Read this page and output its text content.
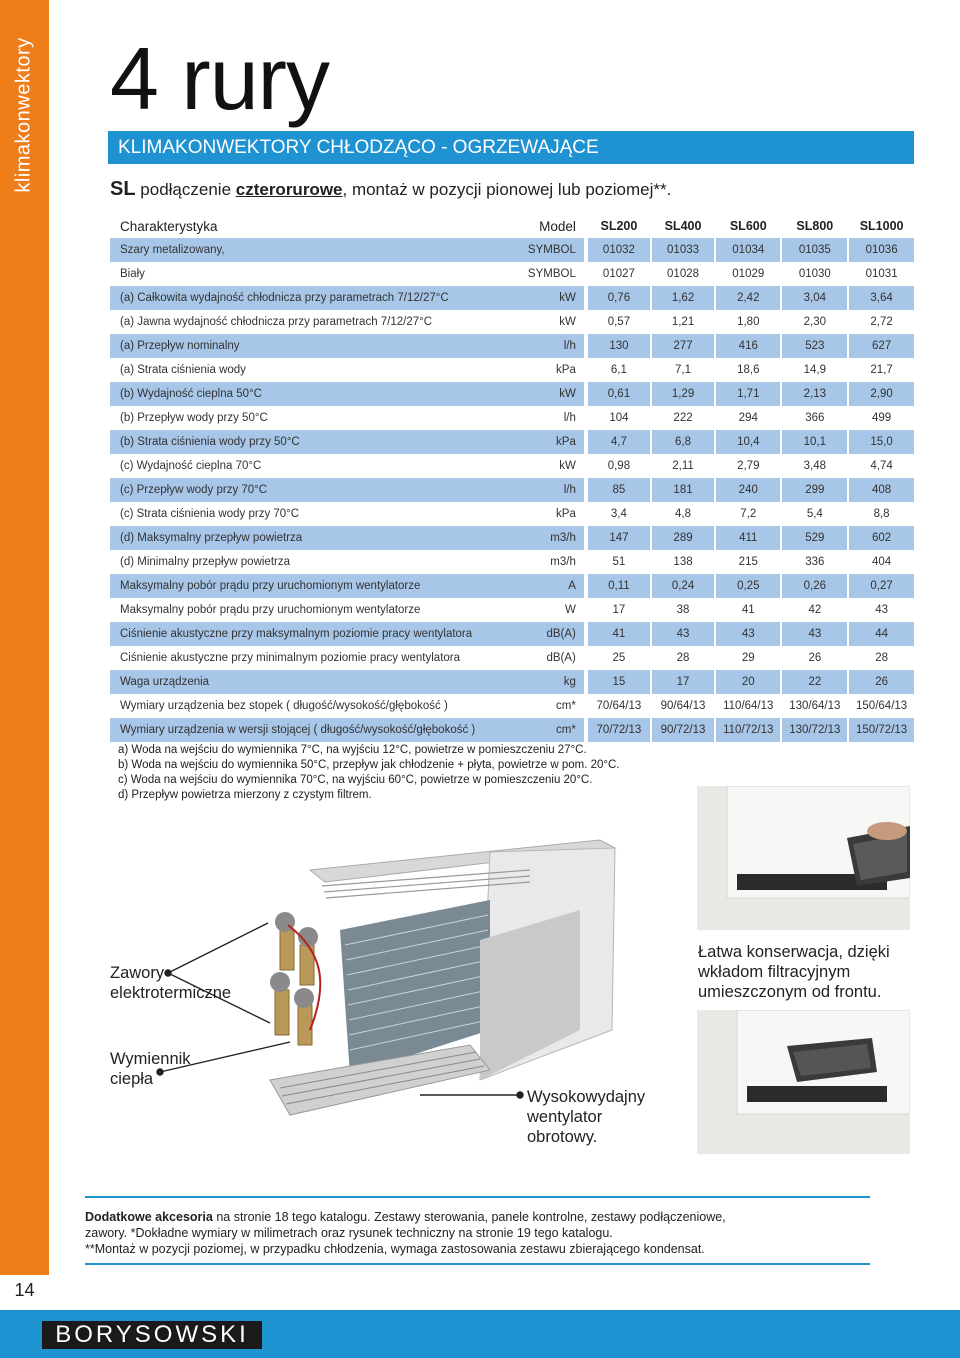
klimakonwektory
14
4 rury
KLIMAKONWEKTORY CHŁODZĄCO - OGRZEWAJĄCE
SL podłączenie czterorurowe, montaż w pozycji pionowej lub poziomej**.
Charakterystyka	Model	SL200	SL400	SL600	SL800	SL1000
Szary metalizowany,	SYMBOL	01032	01033	01034	01035	01036
Biały	SYMBOL	01027	01028	01029	01030	01031
(a) Całkowita wydajność chłodnicza przy parametrach 7/12/27°C	kW	0,76	1,62	2,42	3,04	3,64
(a) Jawna wydajność chłodnicza przy parametrach 7/12/27°C	kW	0,57	1,21	1,80	2,30	2,72
(a) Przepływ nominalny	l/h	130	277	416	523	627
(a) Strata ciśnienia wody	kPa	6,1	7,1	18,6	14,9	21,7
(b) Wydajność cieplna 50°C	kW	0,61	1,29	1,71	2,13	2,90
(b) Przepływ wody przy 50°C	l/h	104	222	294	366	499
(b) Strata ciśnienia wody przy 50°C	kPa	4,7	6,8	10,4	10,1	15,0
(c) Wydajność cieplna 70°C	kW	0,98	2,11	2,79	3,48	4,74
(c) Przepływ wody przy 70°C	l/h	85	181	240	299	408
(c) Strata ciśnienia wody przy 70°C	kPa	3,4	4,8	7,2	5,4	8,8
(d) Maksymalny przepływ powietrza	m3/h	147	289	411	529	602
(d) Minimalny przepływ powietrza	m3/h	51	138	215	336	404
Maksymalny pobór prądu przy uruchomionym wentylatorze	A	0,11	0,24	0,25	0,26	0,27
Maksymalny pobór prądu przy uruchomionym wentylatorze	W	17	38	41	42	43
Ciśnienie akustyczne przy maksymalnym poziomie pracy wentylatora	dB(A)	41	43	43	43	44
Ciśnienie akustyczne przy minimalnym poziomie pracy wentylatora	dB(A)	25	28	29	26	28
Waga urządzenia	kg	15	17	20	22	26
Wymiary urządzenia bez stopek ( długość/wysokość/głębokość )	cm*	70/64/13	90/64/13	110/64/13	130/64/13	150/64/13
Wymiary urządzenia w wersji stojącej ( długość/wysokość/głębokość )	cm*	70/72/13	90/72/13	110/72/13	130/72/13	150/72/13
a) Woda na wejściu do wymiennika 7°C, na wyjściu 12°C, powietrze w pomieszczeniu 27°C.
b) Woda na wejściu do wymiennika 50°C, przepływ jak chłodzenie + płyta, powietrze w pom. 20°C.
c) Woda na wejściu do wymiennika 70°C, na wyjściu 60°C, powietrze w pomieszczeniu 20°C.
d) Przepływ powietrza mierzony z czystym filtrem.
Zawory
elektrotermiczne
Wymiennik
ciepła
Wysokowydajny
wentylator
obrotowy.
Łatwa konserwacja, dzięki
wkładom filtracyjnym
umieszczonym od frontu.
Dodatkowe akcesoria na stronie 18 tego katalogu. Zestawy sterowania, panele kontrolne, zestawy podłączeniowe,
zawory. *Dokładne wymiary w milimetrach oraz rysunek techniczny na stronie 19 tego katalogu.
**Montaż w pozycji poziomej, w przypadku chłodzenia, wymaga zastosowania zestawu zbierającego kondensat.
BORYSOWSKI
